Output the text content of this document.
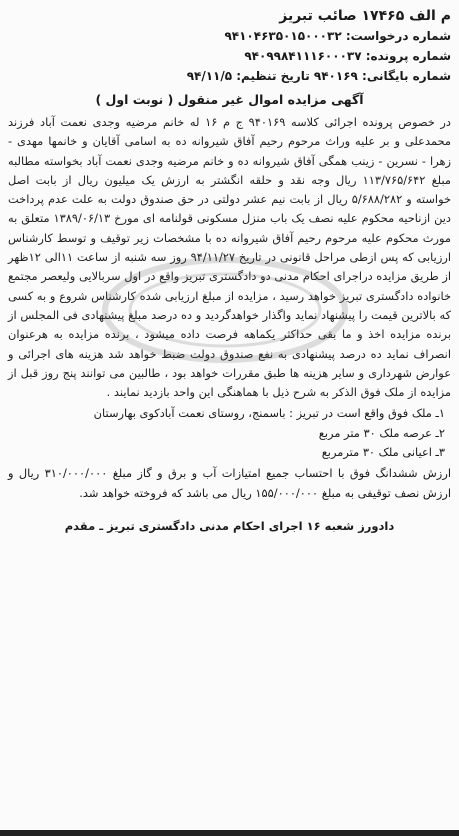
م الف ۱۷۴۶۵ صائب تبریز
شماره درخواست: ۹۴۱۰۴۶۳۵۰۱۵۰۰۰۳۲
شماره پرونده: ۹۴۰۹۹۸۴۱۱۱۶۰۰۰۳۷
شماره بایگانی: ۹۴۰۱۶۹ تاریخ تنظیم: ۹۴/۱۱/۵
آگهی مزایده اموال غیر منقول ( نوبت اول )
در خصوص پرونده اجرائی کلاسه ۹۴۰۱۶۹ ج م ۱۶ له خانم مرضیه وجدی نعمت آباد فرزند محمدعلی و بر علیه وراث مرحوم رحیم آفاق شیروانه ده به اسامی آقایان و خانمها مهدی - زهرا - نسرین - زینب همگی آفاق شیروانه ده و خانم مرضیه وجدی نعمت آباد بخواسته مطالبه مبلغ ۱۱۳/۷۶۵/۶۴۲ ریال وجه نقد و حلقه انگشتر به ارزش یک میلیون ریال از بابت اصل خواسته و ۵/۶۸۸/۲۸۲ ریال از بابت نیم عشر دولتی در حق صندوق دولت به علت عدم پرداخت دین ازناحیه محکوم علیه نصف یک باب منزل مسکونی قولنامه ای مورخ ۱۳۸۹/۰۶/۱۳ متعلق به مورث محکوم علیه مرحوم رحیم آفاق شیروانه ده با مشخصات زیر توقیف و توسط کارشناس ارزیابی که پس ازطی مراحل قانونی در تاریخ ۹۴/۱۱/۲۷ روز سه شنبه از ساعت ۱۱الی ۱۲ظهر از طریق مزایده دراجرای احکام مدنی دو دادگستری تبریز واقع در اول سربالایی ولیعصر مجتمع خانواده دادگستری تبریز خواهد رسید ، مزایده از مبلغ ارزیابی شده کارشناس شروع و به کسی که بالاترین قیمت را پیشنهاد نماید واگذار خواهدگردید و ده درصد مبلغ پیشنهادی فی المجلس از برنده مزایده اخذ و ما بقی حداکثر یکماهه فرصت داده میشود ، برنده مزایده به هرعنوان انصراف نماید ده درصد پیشنهادی به نفع صندوق دولت ضبط خواهد شد هزینه های اجرائی و عوارض شهرداری و سایر هزینه ها طبق مقررات خواهد بود ، طالبین می توانند پنج روز قبل از مزایده از ملک فوق الذکر به شرح ذیل با هماهنگی این واحد بازدید نمایند .
۱ـ ملک فوق واقع است در تبریز : باسمنج، روستای نعمت آبادکوی بهارستان
۲ـ عرصه ملک ۳۰ متر مربع
۳ـ اعیانی ملک ۳۰ مترمربع
ارزش ششدانگ فوق با احتساب جمیع امتیازات آب و برق و گاز مبلغ ۳۱۰/۰۰۰/۰۰۰ ریال و ارزش نصف توقیفی به مبلغ ۱۵۵/۰۰۰/۰۰۰ ریال می باشد که فروخته خواهد شد.
دادورز شعبه ۱۶ اجرای احکام مدنی دادگستری تبریز ـ مقدم
